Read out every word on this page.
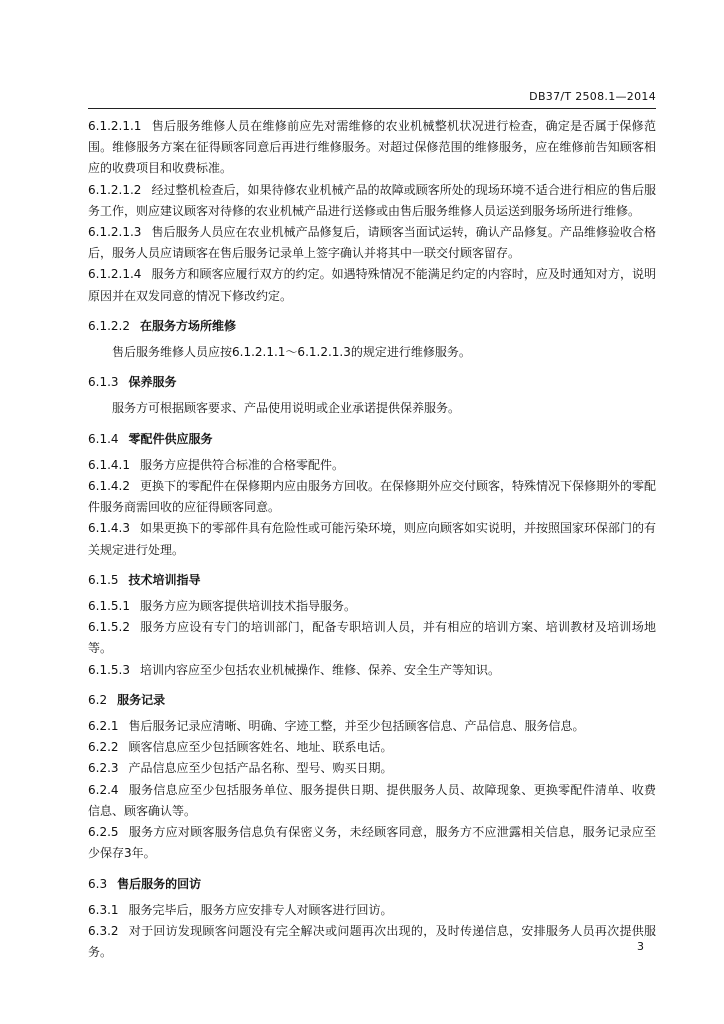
DB37/T 2508.1—2014
6.1.2.1.1 售后服务维修人员在维修前应先对需维修的农业机械整机状况进行检查，确定是否属于保修范围。维修服务方案在征得顾客同意后再进行维修服务。对超过保修范围的维修服务，应在维修前告知顾客相应的收费项目和收费标准。
6.1.2.1.2 经过整机检查后，如果待修农业机械产品的故障或顾客所处的现场环境不适合进行相应的售后服务工作，则应建议顾客对待修的农业机械产品进行送修或由售后服务维修人员运送到服务场所进行维修。
6.1.2.1.3 售后服务人员应在农业机械产品修复后，请顾客当面试运转，确认产品修复。产品维修验收合格后，服务人员应请顾客在售后服务记录单上签字确认并将其中一联交付顾客留存。
6.1.2.1.4 服务方和顾客应履行双方的约定。如遇特殊情况不能满足约定的内容时，应及时通知对方，说明原因并在双发同意的情况下修改约定。
6.1.2.2 在服务方场所维修
售后服务维修人员应按6.1.2.1.1～6.1.2.1.3的规定进行维修服务。
6.1.3 保养服务
服务方可根据顾客要求、产品使用说明或企业承诺提供保养服务。
6.1.4 零配件供应服务
6.1.4.1 服务方应提供符合标准的合格零配件。
6.1.4.2 更换下的零配件在保修期内应由服务方回收。在保修期外应交付顾客，特殊情况下保修期外的零配件服务商需回收的应征得顾客同意。
6.1.4.3 如果更换下的零部件具有危险性或可能污染环境，则应向顾客如实说明，并按照国家环保部门的有关规定进行处理。
6.1.5 技术培训指导
6.1.5.1 服务方应为顾客提供培训技术指导服务。
6.1.5.2 服务方应设有专门的培训部门，配备专职培训人员，并有相应的培训方案、培训教材及培训场地等。
6.1.5.3 培训内容应至少包括农业机械操作、维修、保养、安全生产等知识。
6.2 服务记录
6.2.1 售后服务记录应清晰、明确、字迹工整，并至少包括顾客信息、产品信息、服务信息。
6.2.2 顾客信息应至少包括顾客姓名、地址、联系电话。
6.2.3 产品信息应至少包括产品名称、型号、购买日期。
6.2.4 服务信息应至少包括服务单位、服务提供日期、提供服务人员、故障现象、更换零配件清单、收费信息、顾客确认等。
6.2.5 服务方应对顾客服务信息负有保密义务，未经顾客同意，服务方不应泄露相关信息，服务记录应至少保存3年。
6.3 售后服务的回访
6.3.1 服务完毕后，服务方应安排专人对顾客进行回访。
6.3.2 对于回访发现顾客问题没有完全解决或问题再次出现的，及时传递信息，安排服务人员再次提供服务。	3
